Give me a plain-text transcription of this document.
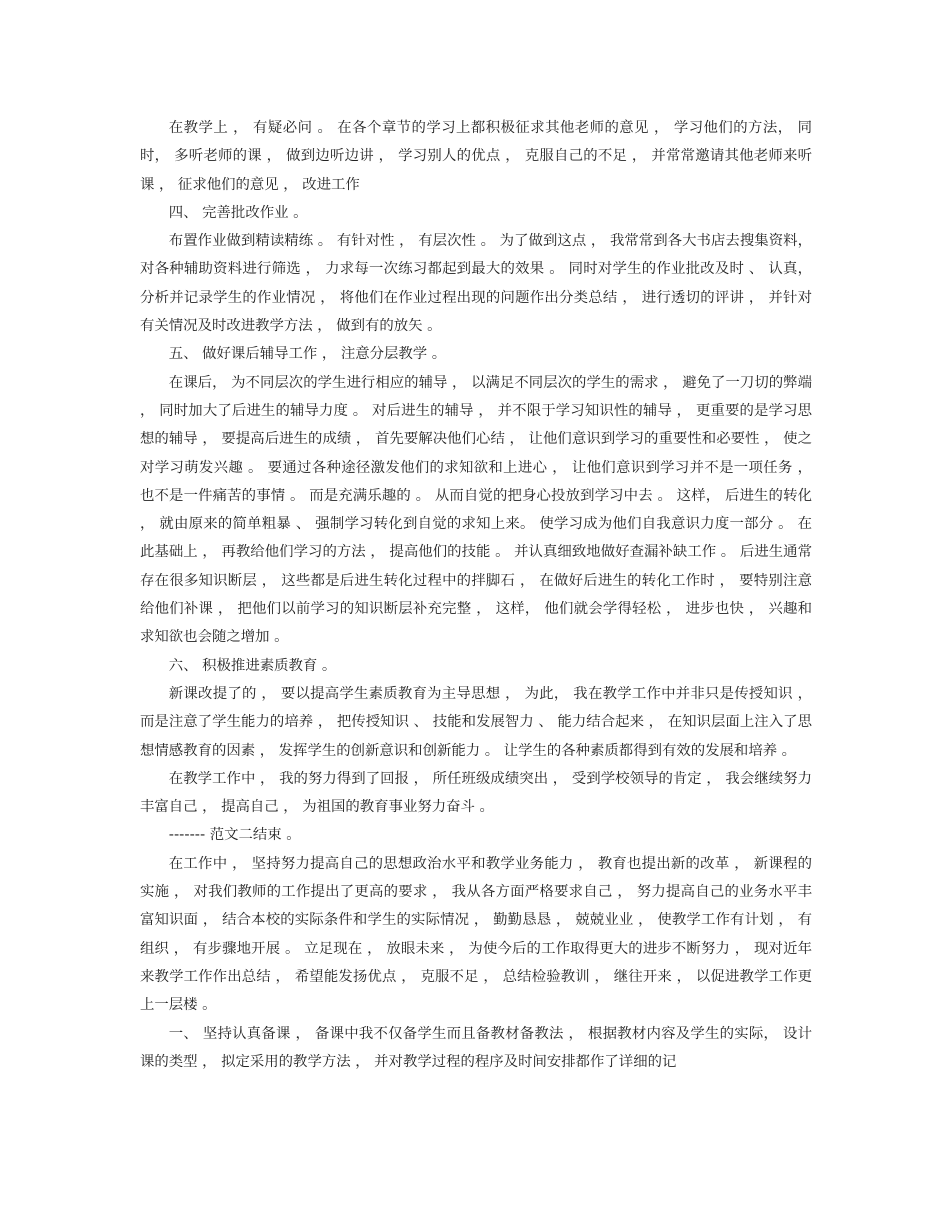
在教学上 ， 有疑必问 。 在各个章节的学习上都积极征求其他老师的意见 ， 学习他们的方法， 同时， 多听老师的课 ， 做到边听边讲 ， 学习别人的优点 ， 克服自己的不足 ， 并常常邀请其他老师来听课 ， 征求他们的意见 ， 改进工作

四、 完善批改作业 。

布置作业做到精读精练 。 有针对性 ， 有层次性 。 为了做到这点 ， 我常常到各大书店去搜集资料， 对各种辅助资料进行筛选 ， 力求每一次练习都起到最大的效果 。 同时对学生的作业批改及时 、 认真， 分析并记录学生的作业情况 ， 将他们在作业过程出现的问题作出分类总结 ， 进行透切的评讲 ， 并针对有关情况及时改进教学方法 ， 做到有的放矢 。

五、 做好课后辅导工作 ， 注意分层教学 。

在课后， 为不同层次的学生进行相应的辅导 ， 以满足不同层次的学生的需求 ， 避免了一刀切的弊端 ， 同时加大了后进生的辅导力度 。 对后进生的辅导 ， 并不限于学习知识性的辅导 ， 更重要的是学习思想的辅导 ， 要提高后进生的成绩 ， 首先要解决他们心结 ， 让他们意识到学习的重要性和必要性 ， 使之对学习萌发兴趣 。 要通过各种途径激发他们的求知欲和上进心 ， 让他们意识到学习并不是一项任务 ， 也不是一件痛苦的事情 。 而是充满乐趣的 。 从而自觉的把身心投放到学习中去 。 这样， 后进生的转化 ， 就由原来的简单粗暴 、 强制学习转化到自觉的求知上来。 使学习成为他们自我意识力度一部分 。 在此基础上 ， 再教给他们学习的方法 ， 提高他们的技能 。 并认真细致地做好查漏补缺工作 。 后进生通常存在很多知识断层 ， 这些都是后进生转化过程中的拌脚石 ， 在做好后进生的转化工作时 ， 要特别注意给他们补课 ， 把他们以前学习的知识断层补充完整 ， 这样， 他们就会学得轻松 ， 进步也快 ， 兴趣和求知欲也会随之增加 。

六、 积极推进素质教育 。

新课改提了的 ， 要以提高学生素质教育为主导思想 ， 为此， 我在教学工作中并非只是传授知识 ， 而是注意了学生能力的培养 ， 把传授知识 、 技能和发展智力 、 能力结合起来 ， 在知识层面上注入了思想情感教育的因素 ， 发挥学生的创新意识和创新能力 。 让学生的各种素质都得到有效的发展和培养 。

在教学工作中 ， 我的努力得到了回报 ， 所任班级成绩突出 ， 受到学校领导的肯定 ， 我会继续努力丰富自己 ， 提高自己 ， 为祖国的教育事业努力奋斗 。

------- 范文二结束 。

在工作中 ， 坚持努力提高自己的思想政治水平和教学业务能力 ， 教育也提出新的改革 ， 新课程的实施 ， 对我们教师的工作提出了更高的要求 ， 我从各方面严格要求自己 ， 努力提高自己的业务水平丰富知识面 ， 结合本校的实际条件和学生的实际情况 ， 勤勤恳恳 ， 兢兢业业 ， 使教学工作有计划 ， 有组织 ， 有步骤地开展 。 立足现在 ， 放眼未来 ， 为使今后的工作取得更大的进步不断努力 ， 现对近年来教学工作作出总结 ， 希望能发扬优点 ， 克服不足 ， 总结检验教训 ， 继往开来 ， 以促进教学工作更上一层楼 。

一、 坚持认真备课 ， 备课中我不仅备学生而且备教材备教法 ， 根据教材内容及学生的实际， 设计课的类型 ， 拟定采用的教学方法 ， 并对教学过程的程序及时间安排都作了详细的记
